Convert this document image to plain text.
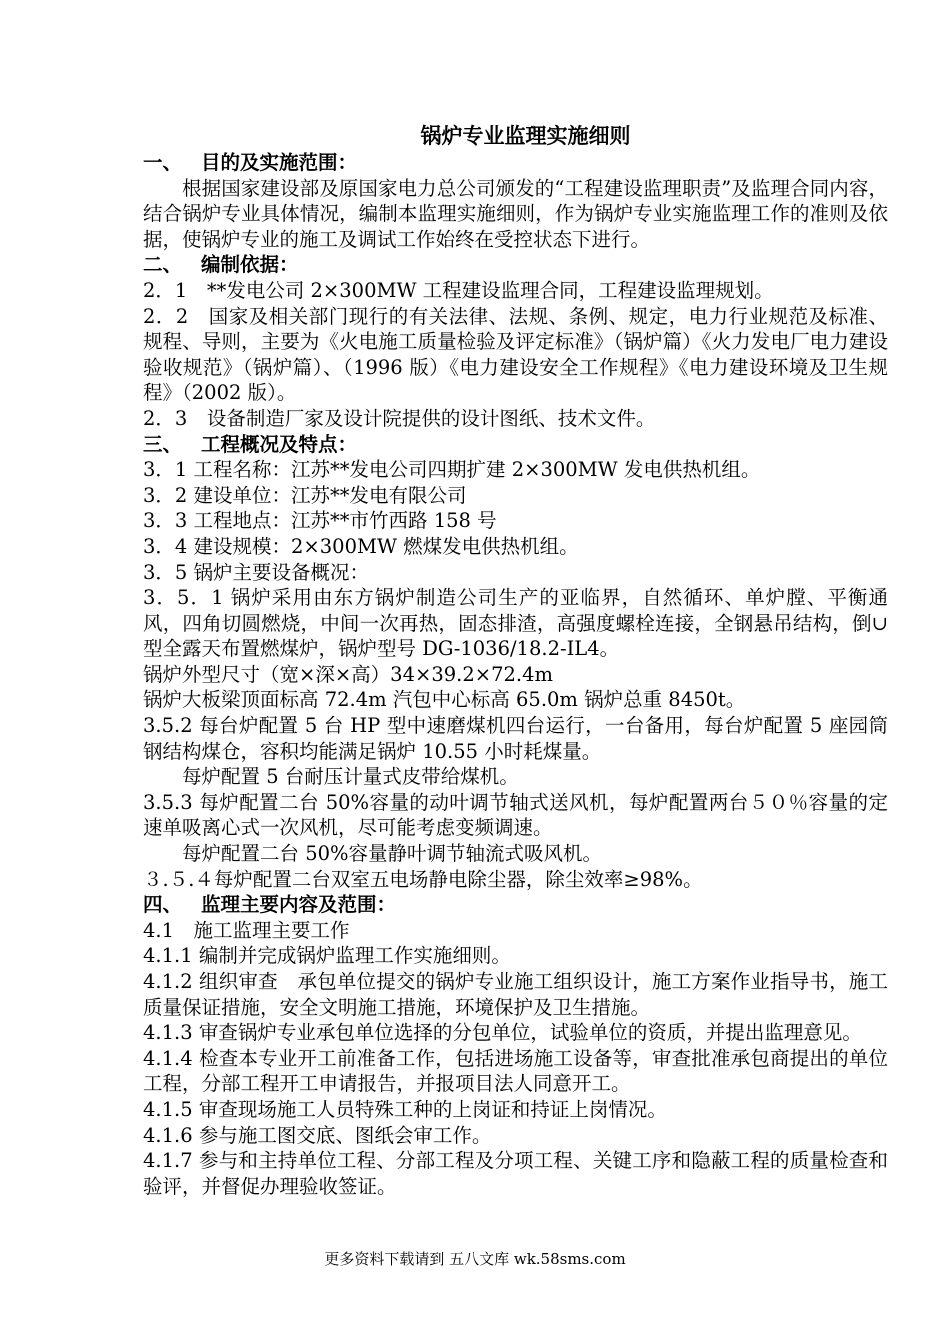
锅炉专业监理实施细则

一、 目的及实施范围：

根据国家建设部及原国家电力总公司颁发的“工程建设监理职责”及监理合同内容，结合锅炉专业具体情况，编制本监理实施细则，作为锅炉专业实施监理工作的准则及依据，使锅炉专业的施工及调试工作始终在受控状态下进行。

二、 编制依据：

2．1　**发电公司 2×300MW 工程建设监理合同，工程建设监理规划。

2．2　国家及相关部门现行的有关法律、法规、条例、规定，电力行业规范及标准、规程、导则，主要为《火电施工质量检验及评定标准》（锅炉篇）《火力发电厂电力建设验收规范》（锅炉篇）、（1996 版）《电力建设安全工作规程》《电力建设环境及卫生规程》（2002 版）。

2．3　设备制造厂家及设计院提供的设计图纸、技术文件。

三、 工程概况及特点：

3．1 工程名称：江苏**发电公司四期扩建 2×300MW 发电供热机组。

3．2 建设单位：江苏**发电有限公司

3．3 工程地点：江苏**市竹西路 158 号

3．4 建设规模：2×300MW 燃煤发电供热机组。

3．5 锅炉主要设备概况：

3．5．1 锅炉采用由东方锅炉制造公司生产的亚临界，自然循环、单炉膛、平衡通风，四角切圆燃烧，中间一次再热，固态排渣，高强度螺栓连接，全钢悬吊结构，倒∪型全露天布置燃煤炉，锅炉型号 DG-1036/18.2-IL4。

锅炉外型尺寸（宽×深×高）34×39.2×72.4m

锅炉大板梁顶面标高 72.4m 汽包中心标高 65.0m 锅炉总重 8450t。

3.5.2 每台炉配置 5 台 HP 型中速磨煤机四台运行，一台备用，每台炉配置 5 座园筒钢结构煤仓，容积均能满足锅炉 10.55 小时耗煤量。

每炉配置 5 台耐压计量式皮带给煤机。

3.5.3 每炉配置二台 50%容量的动叶调节轴式送风机，每炉配置两台５０％容量的定速单吸离心式一次风机，尽可能考虑变频调速。

每炉配置二台 50%容量静叶调节轴流式吸风机。

３.５.４每炉配置二台双室五电场静电除尘器，除尘效率≥98%。

四、 监理主要内容及范围：

4.1　施工监理主要工作

4.1.1 编制并完成锅炉监理工作实施细则。

4.1.2 组织审查　承包单位提交的锅炉专业施工组织设计，施工方案作业指导书，施工质量保证措施，安全文明施工措施，环境保护及卫生措施。

4.1.3 审查锅炉专业承包单位选择的分包单位，试验单位的资质，并提出监理意见。

4.1.4 检查本专业开工前准备工作，包括进场施工设备等，审查批准承包商提出的单位工程，分部工程开工申请报告，并报项目法人同意开工。

4.1.5 审查现场施工人员特殊工种的上岗证和持证上岗情况。

4.1.6 参与施工图交底、图纸会审工作。

4.1.7 参与和主持单位工程、分部工程及分项工程、关键工序和隐蔽工程的质量检查和验评，并督促办理验收签证。

更多资料下载请到 五八文库 wk.58sms.com
